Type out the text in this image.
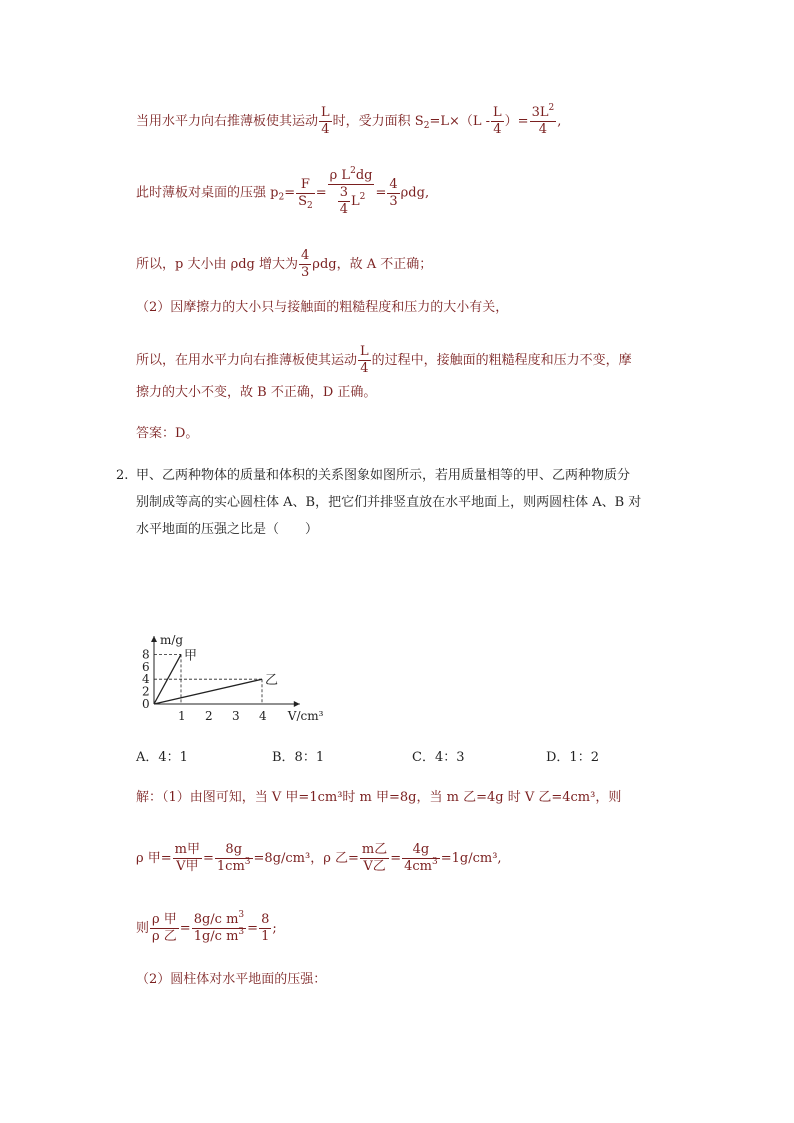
当用水平力向右推薄板使其运动 $\frac{L}{4}$ 时，受力面积 $S_2=L\times(L - \frac{L}{4}$ ）= $\frac{3L^2}{4}$ ,
此时薄板对桌面的压强 $p_2= \frac{F}{S_2} = \frac{\rho L^2dg}{\frac{3}{4} L^2} = \frac{4}{3} \rho dg$,
所以，p 大小由 ρdg 增大为 $\frac{4}{3}$ ρdg，故 A 不正确；
（2）因摩擦力的大小只与接触面的粗糙程度和压力的大小有关，
所以，在用水平力向右推薄板使其运动 $\frac{L}{4}$ 的过程中，接触面的粗糙程度和压力不变，摩
擦力的大小不变，故 B 不正确，D 正确。
答案：D。
2. 甲、乙两种物体的质量和体积的关系图象如图所示，若用质量相等的甲、乙两种物质分
别制成等高的实心圆柱体 A、B，把它们并排竖直放在水平地面上，则两圆柱体 A、B 对
水平地面的压强之比是（　　）
m/g
V/cm³
0
2
4
6
8
1 2 3 4
甲
乙
A．4：1	B．8：1	C．4：3	D．1：2
解：（1）由图可知，当 V 甲=1cm³时 m 甲=8g，当 m 乙=4g 时 V 乙=4cm³，则
ρ 甲= $\frac{\text{m甲}}{\text{V甲}} = \frac{8g}{1cm^3} =8g/cm^3$，ρ 乙= $\frac{\text{m乙}}{\text{V乙}} = \frac{4g}{4cm^3} =1g/cm^3$,
则 $\frac{\text{ρ 甲}}{\text{ρ 乙}} = \frac{8g/c m^3}{1g/c m^3} = \frac{8}{1}$ ;
（2）圆柱体对水平地面的压强：
